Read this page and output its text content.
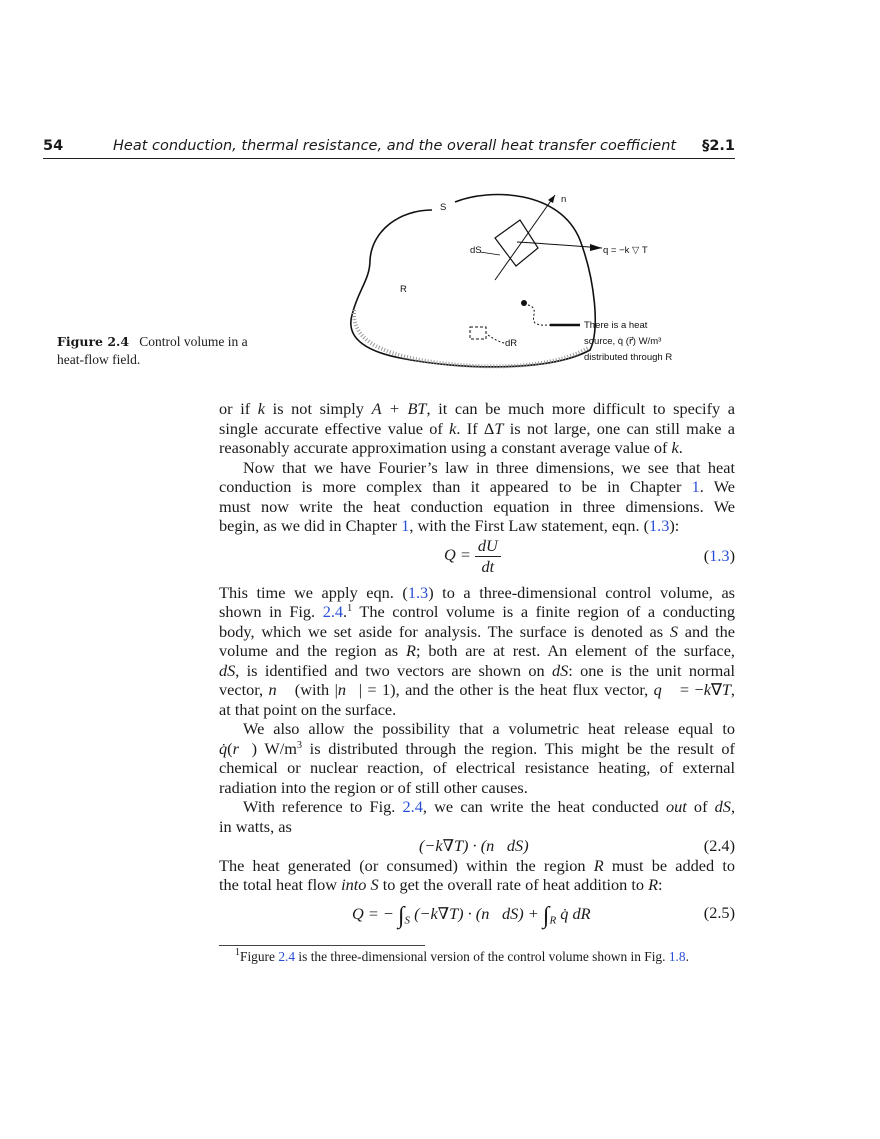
54	Heat conduction, thermal resistance, and the overall heat transfer coefficient §2.1
S
n
dS	q = −k ▽ T
R
dR
There is a heat
source, q̇ (r⃗) W/m³
distributed through R
Figure 2.4 Control volume in a
heat-flow field.
or if k is not simply A + BT, it can be much more difficult to specify a
single accurate effective value of k. If ΔT is not large, one can still make a
reasonably accurate approximation using a constant average value of k.
Now that we have Fourier’s law in three dimensions, we see that heat
conduction is more complex than it appeared to be in Chapter 1. We
must now write the heat conduction equation in three dimensions. We
begin, as we did in Chapter 1, with the First Law statement, eqn. (1.3):
$Q = \frac{dU}{dt}$	(1.3)
This time we apply eqn. (1.3) to a three-dimensional control volume, as
shown in Fig. 2.4.$^1$ The control volume is a finite region of a conducting
body, which we set aside for analysis. The surface is denoted as S and the
volume and the region as R; both are at rest. An element of the surface,
dS, is identified and two vectors are shown on dS: one is the unit normal
vector, n⃗ (with |n⃗| = 1), and the other is the heat flux vector, q⃗ = −k∇T,
at that point on the surface.
We also allow the possibility that a volumetric heat release equal to
q̇(r⃗) $W/m^3$ is distributed through the region. This might be the result of
chemical or nuclear reaction, of electrical resistance heating, of external
radiation into the region or of still other causes.
With reference to Fig. 2.4, we can write the heat conducted out of dS,
in watts, as
(−k∇T) · (n⃗dS)	(2.4)
The heat generated (or consumed) within the region R must be added to
the total heat flow into S to get the overall rate of heat addition to R:
Q = − $\int_S$ (−k∇T) · (n⃗dS) + $\int_R$ q̇ dR	(2.5)
$^1$Figure 2.4 is the three-dimensional version of the control volume shown in Fig. 1.8.
